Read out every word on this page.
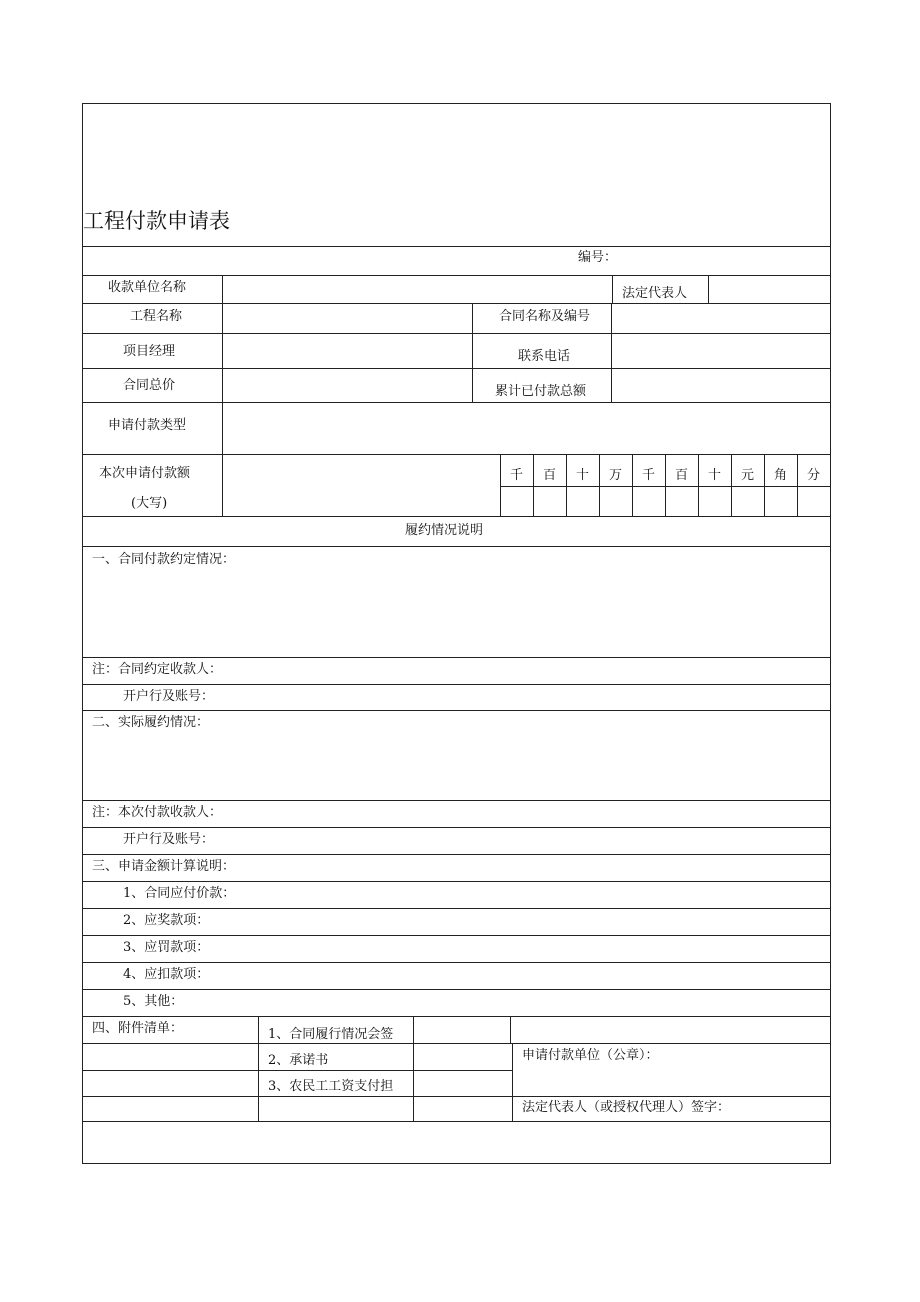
工程付款申请表
编号：
收款单位名称	法定代表人
工程名称	合同名称及编号
项目经理	联系电话
合同总价	累计已付款总额
申请付款类型
本次申请付款额
(大写)
千	百	十	万	千	百	十	元	角	分
履约情况说明
一、合同付款约定情况：
注：合同约定收款人：
开户行及账号：
二、实际履约情况：
注：本次付款收款人：
开户行及账号：
三、申请金额计算说明：
1、合同应付价款：
2、应奖款项：
3、应罚款项：
4、应扣款项：
5、其他：
四、附件清单：	1、合同履行情况会签
2、承诺书
3、农民工工资支付担
申请付款单位（公章）：
法定代表人（或授权代理人）签字：
